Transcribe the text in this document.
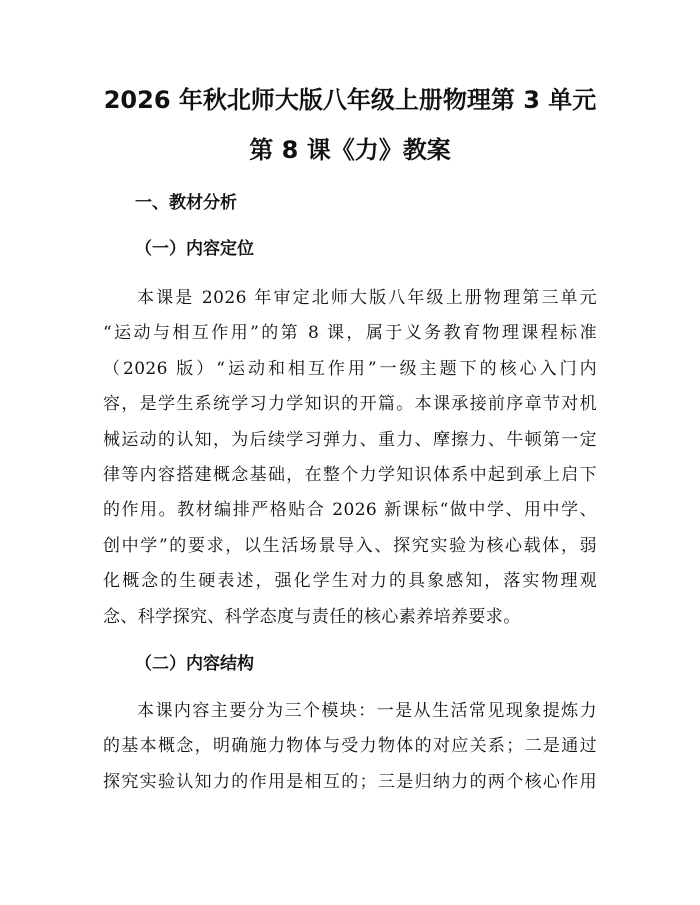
2026 年秋北师大版八年级上册物理第 3 单元
第 8 课《力》教案
一、教材分析
（一）内容定位
本课是 2026 年审定北师大版八年级上册物理第三单元
“运动与相互作用”的第 8 课，属于义务教育物理课程标准
（2026 版）“运动和相互作用”一级主题下的核心入门内
容，是学生系统学习力学知识的开篇。本课承接前序章节对机
械运动的认知，为后续学习弹力、重力、摩擦力、牛顿第一定
律等内容搭建概念基础，在整个力学知识体系中起到承上启下
的作用。教材编排严格贴合 2026 新课标“做中学、用中学、
创中学”的要求，以生活场景导入、探究实验为核心载体，弱
化概念的生硬表述，强化学生对力的具象感知，落实物理观
念、科学探究、科学态度与责任的核心素养培养要求。
（二）内容结构
本课内容主要分为三个模块：一是从生活常见现象提炼力
的基本概念，明确施力物体与受力物体的对应关系；二是通过
探究实验认知力的作用是相互的；三是归纳力的两个核心作用
